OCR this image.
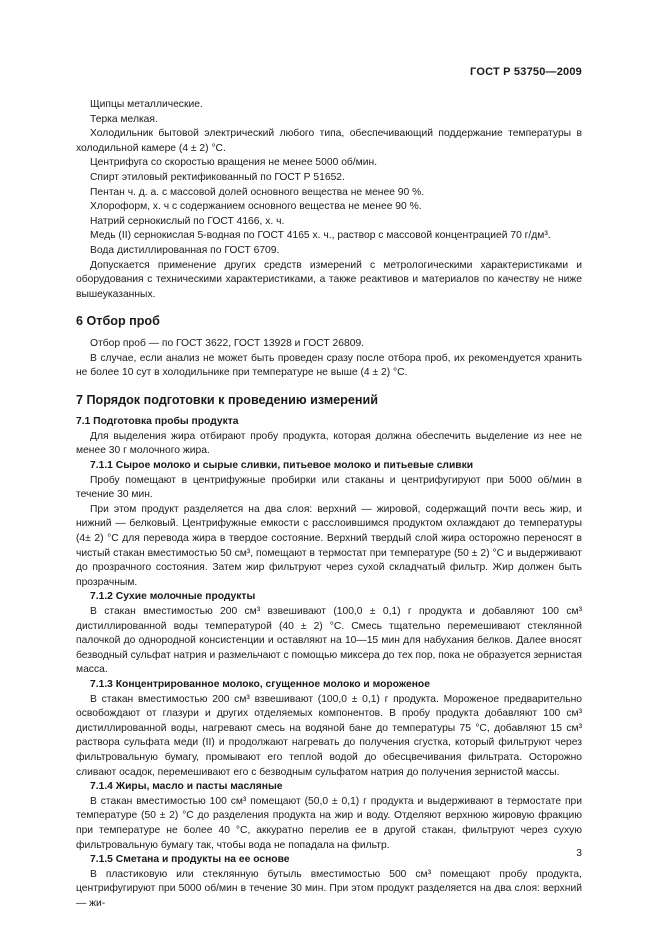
ГОСТ Р 53750—2009

Щипцы металлические.

Терка мелкая.

Холодильник бытовой электрический любого типа, обеспечивающий поддержание температуры в холодильной камере (4 ± 2) °С.

Центрифуга со скоростью вращения не менее 5000 об/мин.

Спирт этиловый ректификованный по ГОСТ Р 51652.

Пентан ч. д. а. с массовой долей основного вещества не менее 90 %.

Хлороформ, х. ч с содержанием основного вещества не менее 90 %.

Натрий сернокислый по ГОСТ 4166, х. ч.

Медь (II) сернокислая 5-водная по ГОСТ 4165 х. ч., раствор с массовой концентрацией 70 г/дм³.

Вода дистиллированная по ГОСТ 6709.

Допускается применение других средств измерений с метрологическими характеристиками и оборудования с техническими характеристиками, а также реактивов и материалов по качеству не ниже вышеуказанных.

6 Отбор проб

Отбор проб — по ГОСТ 3622, ГОСТ 13928 и ГОСТ 26809.

В случае, если анализ не может быть проведен сразу после отбора проб, их рекомендуется хранить не более 10 сут в холодильнике при температуре не выше (4 ± 2) °С.

7 Порядок подготовки к проведению измерений

7.1 Подготовка пробы продукта

Для выделения жира отбирают пробу продукта, которая должна обеспечить выделение из нее не менее 30 г молочного жира.

7.1.1 Сырое молоко и сырые сливки, питьевое молоко и питьевые сливки

Пробу помещают в центрифужные пробирки или стаканы и центрифугируют при 5000 об/мин в течение 30 мин.

При этом продукт разделяется на два слоя: верхний — жировой, содержащий почти весь жир, и нижний — белковый. Центрифужные емкости с расслоившимся продуктом охлаждают до температуры (4± 2) °С для перевода жира в твердое состояние. Верхний твердый слой жира осторожно переносят в чистый стакан вместимостью 50 см³, помещают в термостат при температуре (50 ± 2) °С и выдерживают до прозрачного состояния. Затем жир фильтруют через сухой складчатый фильтр. Жир должен быть прозрачным.

7.1.2 Сухие молочные продукты

В стакан вместимостью 200 см³ взвешивают (100,0 ± 0,1) г продукта и добавляют 100 см³ дистиллированной воды температурой (40 ± 2) °С. Смесь тщательно перемешивают стеклянной палочкой до однородной консистенции и оставляют на 10—15 мин для набухания белков. Далее вносят безводный сульфат натрия и размельчают с помощью миксера до тех пор, пока не образуется зернистая масса.

7.1.3 Концентрированное молоко, сгущенное молоко и мороженое

В стакан вместимостью 200 см³ взвешивают (100,0 ± 0,1) г продукта. Мороженое предварительно освобождают от глазури и других отделяемых компонентов. В пробу продукта добавляют 100 см³ дистиллированной воды, нагревают смесь на водяной бане до температуры 75 °С, добавляют 15 см³ раствора сульфата меди (II) и продолжают нагревать до получения сгустка, который фильтруют через фильтровальную бумагу, промывают его теплой водой до обесцвечивания фильтрата. Осторожно сливают осадок, перемешивают его с безводным сульфатом натрия до получения зернистой массы.

7.1.4 Жиры, масло и пасты масляные

В стакан вместимостью 100 см³ помещают (50,0 ± 0,1) г продукта и выдерживают в термостате при температуре (50 ± 2) °С до разделения продукта на жир и воду. Отделяют верхнюю жировую фракцию при температуре не более 40 °С, аккуратно перелив ее в другой стакан, фильтруют через сухую фильтровальную бумагу так, чтобы вода не попадала на фильтр.

7.1.5 Сметана и продукты на ее основе

В пластиковую или стеклянную бутыль вместимостью 500 см³ помещают пробу продукта, центрифугируют при 5000 об/мин в течение 30 мин. При этом продукт разделяется на два слоя: верхний — жи-

3
